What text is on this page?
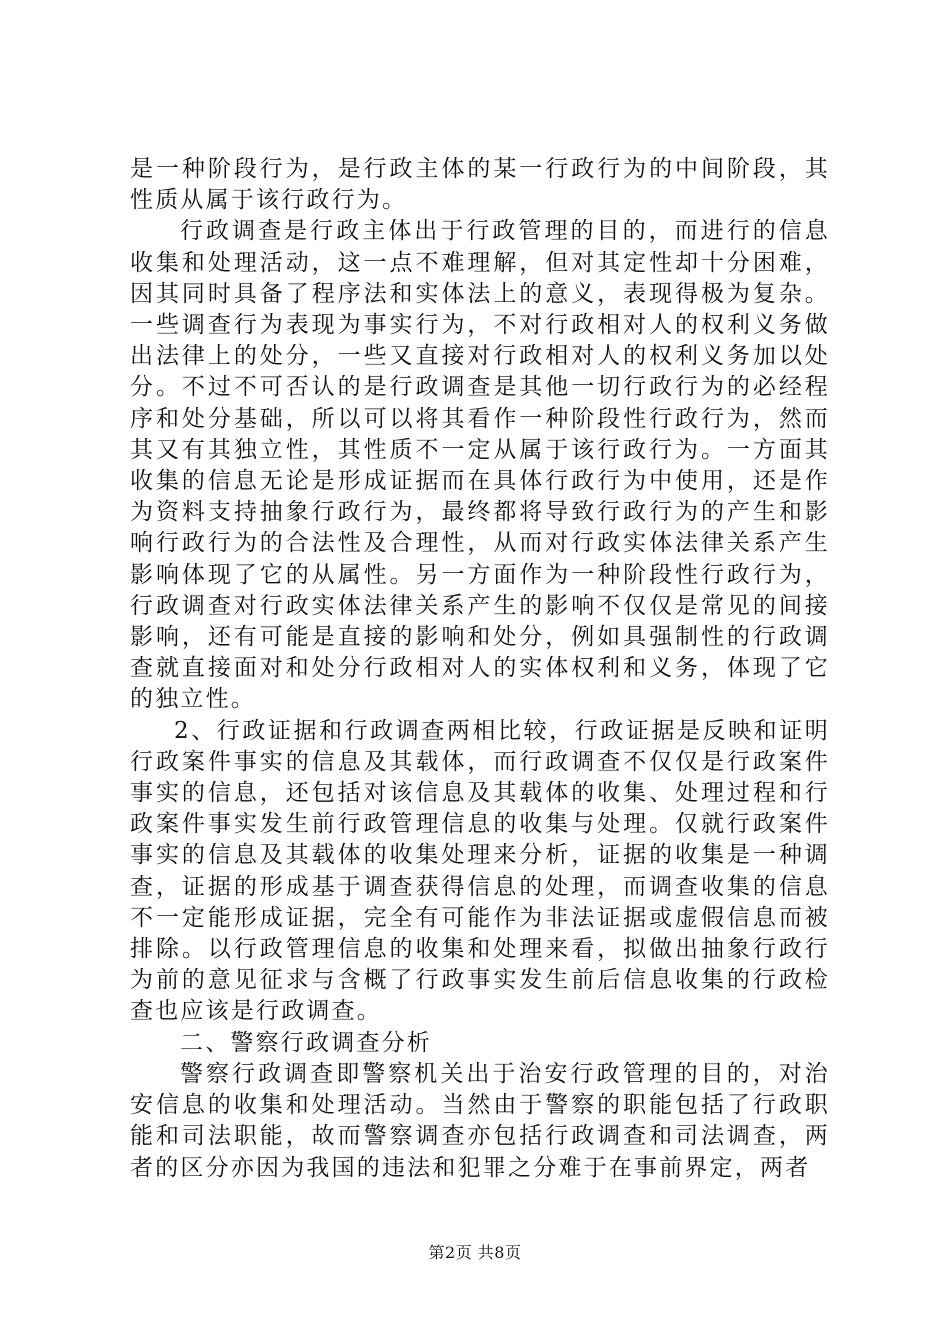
是一种阶段行为，是行政主体的某一行政行为的中间阶段，其性质从属于该行政行为。

行政调查是行政主体出于行政管理的目的，而进行的信息收集和处理活动，这一点不难理解，但对其定性却十分困难，因其同时具备了程序法和实体法上的意义，表现得极为复杂。一些调查行为表现为事实行为，不对行政相对人的权利义务做出法律上的处分，一些又直接对行政相对人的权利义务加以处分。不过不可否认的是行政调查是其他一切行政行为的必经程序和处分基础，所以可以将其看作一种阶段性行政行为，然而其又有其独立性，其性质不一定从属于该行政行为。一方面其收集的信息无论是形成证据而在具体行政行为中使用，还是作为资料支持抽象行政行为，最终都将导致行政行为的产生和影响行政行为的合法性及合理性，从而对行政实体法律关系产生影响体现了它的从属性。另一方面作为一种阶段性行政行为，行政调查对行政实体法律关系产生的影响不仅仅是常见的间接影响，还有可能是直接的影响和处分，例如具强制性的行政调查就直接面对和处分行政相对人的实体权利和义务，体现了它的独立性。

2、行政证据和行政调查两相比较，行政证据是反映和证明行政案件事实的信息及其载体，而行政调查不仅仅是行政案件事实的信息，还包括对该信息及其载体的收集、处理过程和行政案件事实发生前行政管理信息的收集与处理。仅就行政案件事实的信息及其载体的收集处理来分析，证据的收集是一种调查，证据的形成基于调查获得信息的处理，而调查收集的信息不一定能形成证据，完全有可能作为非法证据或虚假信息而被排除。以行政管理信息的收集和处理来看，拟做出抽象行政行为前的意见征求与含概了行政事实发生前后信息收集的行政检查也应该是行政调查。

二、警察行政调查分析

警察行政调查即警察机关出于治安行政管理的目的，对治安信息的收集和处理活动。当然由于警察的职能包括了行政职能和司法职能，故而警察调查亦包括行政调查和司法调查，两者的区分亦因为我国的违法和犯罪之分难于在事前界定，两者

第2页 共8页
